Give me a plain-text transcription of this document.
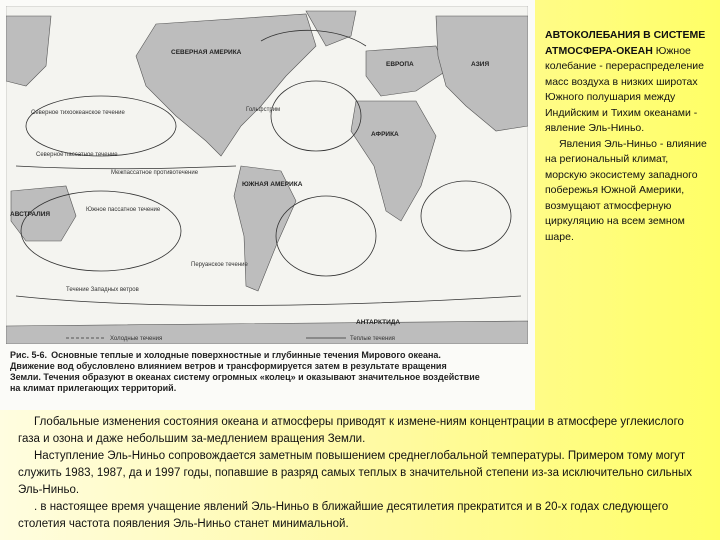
СЕВЕРНАЯ АМЕРИКА
ЕВРОПА	АЗИЯ
АФРИКА
ЮЖНАЯ АМЕРИКА
АВСТРАЛИЯ
АНТАРКТИДА
Северное тихоокеанское течение	Гольфстрим
Северное пассатное течение
Межпассатное противотечение
Южное пассатное течение
Перуанское течение
Течение Западных ветров
Холодные течения	Теплые течения
Рис. 5-6. Основные теплые и холодные поверхностные и глубинные течения Мирового океана. Движение вод обусловлено влиянием ветров и трансформируется затем в результате вращения Земли. Течения образуют в океанах систему огромных «колец» и оказывают значительное воздействие на климат прилегающих территорий.

АВТОКОЛЕБАНИЯ В СИСТЕМЕ АТМОСФЕРА-ОКЕАН Южное колебание - перераспределение масс воздуха в низких широтах Южного полушария между Индийским и Тихим океанами - явление Эль-Ниньо.

Явления Эль-Ниньо - влияние на региональный климат, морскую экосистему западного побережья Южной Америки, возмущают атмосферную циркуляцию на всем земном шаре.

Глобальные изменения состояния океана и атмосферы приводят к измене-ниям концентрации в атмосфере углекислого газа и озона и даже небольшим за-медлением вращения Земли.

Наступление Эль-Ниньо сопровождается заметным повышением среднеглобальной температуры. Примером тому могут служить 1983, 1987, да и 1997 годы, попавшие в разряд самых теплых в значительной степени из-за исключительно сильных Эль-Ниньо.

. в настоящее время учащение явлений Эль-Ниньо в ближайшие десятилетия прекратится и в 20-х годах следующего столетия частота появления Эль-Ниньо станет минимальной.
